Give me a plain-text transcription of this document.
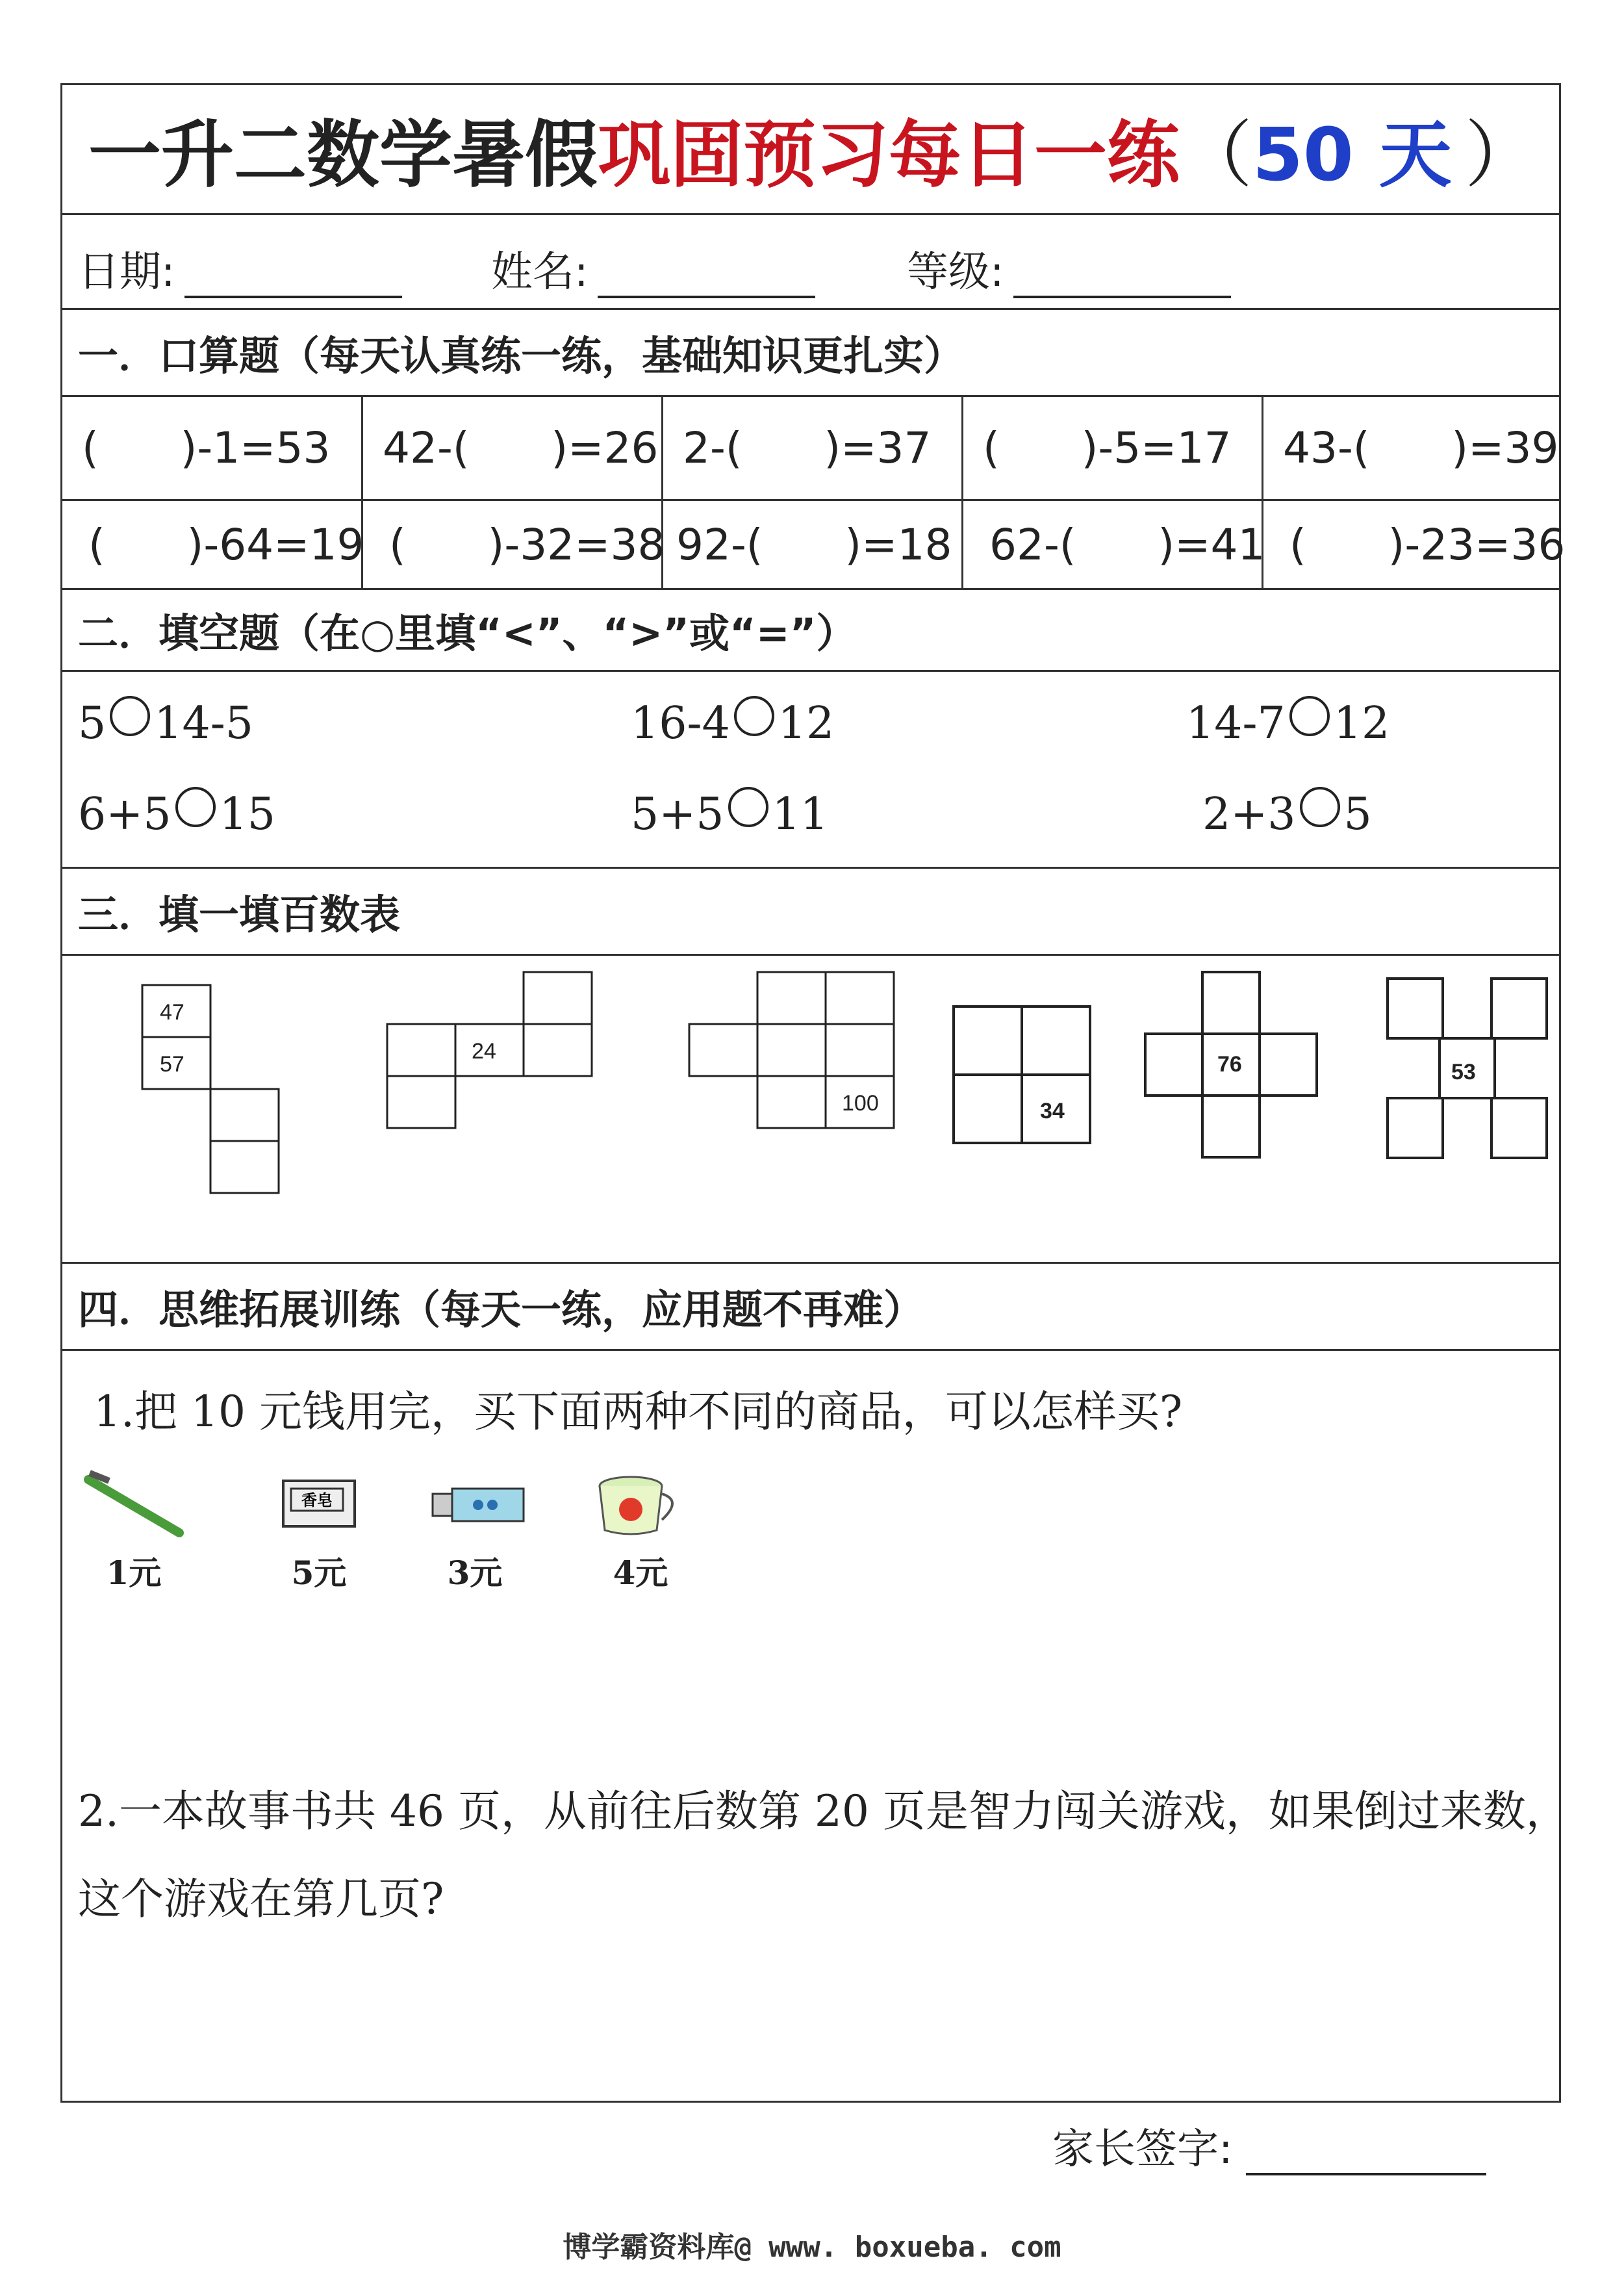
一升二数学暑假 巩固预习每日一练 （ 50 天 ）
日期:	姓名:	等级:
一．口算题（每天认真练一练，基础知识更扎实）
(      )-1=53	42-(      )=26 2-(      )=37	(      )-5=17	43-(      )=39
(      )-64=19 (      )-32=38 92-(      )=18 62-(      )=41 (      )-23=36
二．填空题（在○里填“<”、“>”或“=”）
5 14-5	16-4 12	14-7 12
6+5 15	5+5 11	2+3 5
三．填一填百数表
47
57
24
100	34
76	53
四．思维拓展训练（每天一练，应用题不再难）
1.把 10 元钱用完，买下面两种不同的商品，可以怎样买?
1元
香皂
5元	3元	4元
2.一本故事书共 46 页，从前往后数第 20 页是智力闯关游戏，如果倒过来数，
这个游戏在第几页?
家长签字:
博学霸资料库@ www. boxueba. com
